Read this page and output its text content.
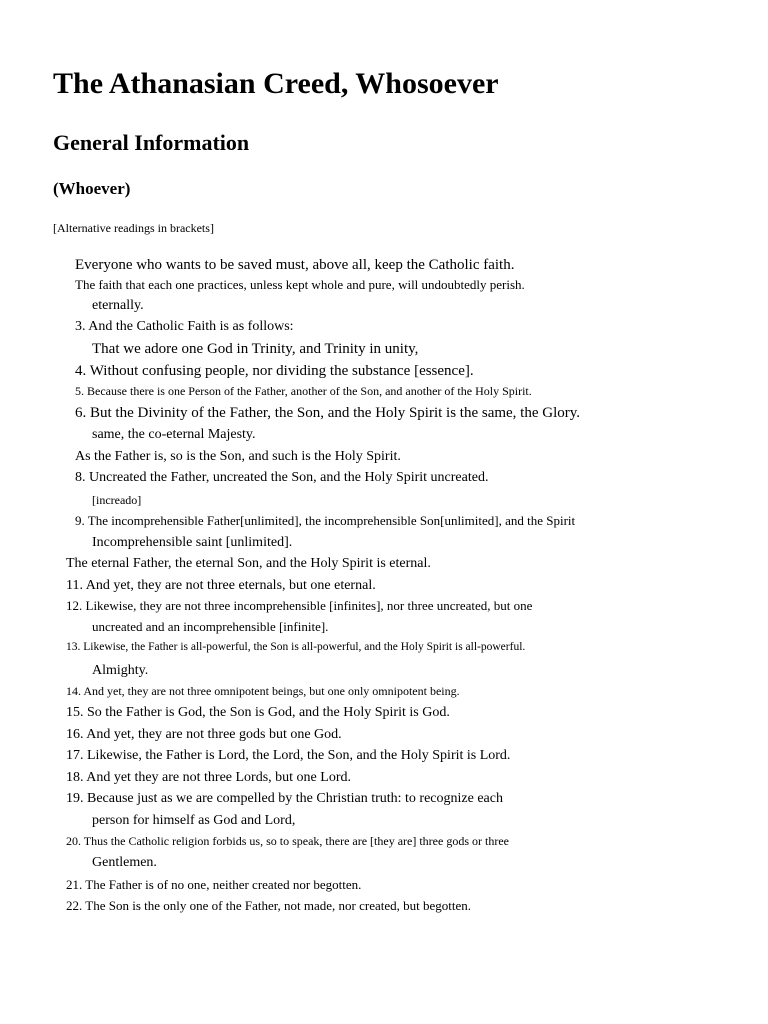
The Athanasian Creed, Whosoever
General Information
(Whoever)

[Alternative readings in brackets]

Everyone who wants to be saved must, above all, keep the Catholic faith.

The faith that each one practices, unless kept whole and pure, will undoubtedly perish.

eternally.

3. And the Catholic Faith is as follows:

That we adore one God in Trinity, and Trinity in unity,

4. Without confusing people, nor dividing the substance [essence].

5. Because there is one Person of the Father, another of the Son, and another of the Holy Spirit.

6. But the Divinity of the Father, the Son, and the Holy Spirit is the same, the Glory.

same, the co-eternal Majesty.

As the Father is, so is the Son, and such is the Holy Spirit.

8. Uncreated the Father, uncreated the Son, and the Holy Spirit uncreated.

[increado]

9. The incomprehensible Father[unlimited], the incomprehensible Son[unlimited], and the Spirit

Incomprehensible saint [unlimited].

The eternal Father, the eternal Son, and the Holy Spirit is eternal.

11. And yet, they are not three eternals, but one eternal.

12. Likewise, they are not three incomprehensible [infinites], nor three uncreated, but one

uncreated and an incomprehensible [infinite].

13. Likewise, the Father is all-powerful, the Son is all-powerful, and the Holy Spirit is all-powerful.

Almighty.

14. And yet, they are not three omnipotent beings, but one only omnipotent being.

15. So the Father is God, the Son is God, and the Holy Spirit is God.

16. And yet, they are not three gods but one God.

17. Likewise, the Father is Lord, the Lord, the Son, and the Holy Spirit is Lord.

18. And yet they are not three Lords, but one Lord.

19. Because just as we are compelled by the Christian truth: to recognize each

person for himself as God and Lord,

20. Thus the Catholic religion forbids us, so to speak, there are [they are] three gods or three

Gentlemen.

21. The Father is of no one, neither created nor begotten.

22. The Son is the only one of the Father, not made, nor created, but begotten.
